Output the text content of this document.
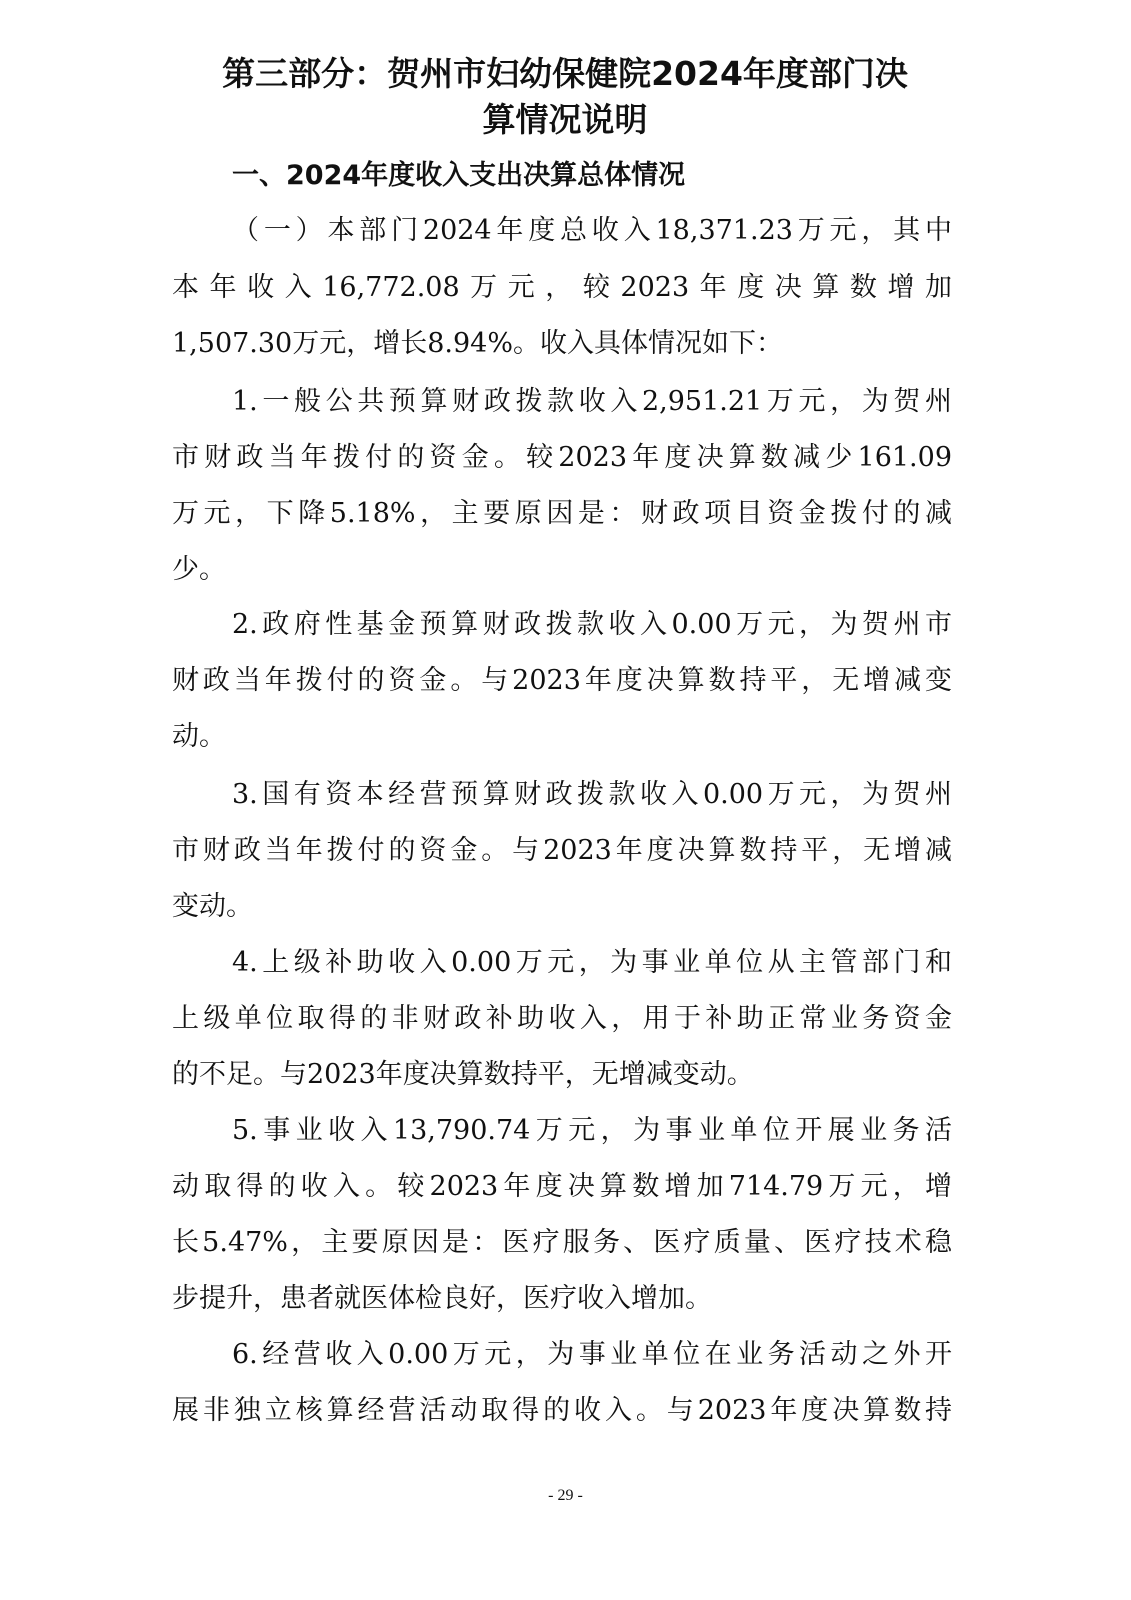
第三部分：贺州市妇幼保健院2024年度部门决
算情况说明
一、2024年度收入支出决算总体情况
（一）本部门2024年度总收入18,371.23万元，其中
本年收入16,772.08万元，较2023年度决算数增加
1,507.30万元，增长8.94%。收入具体情况如下：
1.一般公共预算财政拨款收入2,951.21万元，为贺州
市财政当年拨付的资金。较2023年度决算数减少161.09
万元，下降5.18%，主要原因是：财政项目资金拨付的减
少。
2.政府性基金预算财政拨款收入0.00万元，为贺州市
财政当年拨付的资金。与2023年度决算数持平，无增减变
动。
3.国有资本经营预算财政拨款收入0.00万元，为贺州
市财政当年拨付的资金。与2023年度决算数持平，无增减
变动。
4.上级补助收入0.00万元，为事业单位从主管部门和
上级单位取得的非财政补助收入，用于补助正常业务资金
的不足。与2023年度决算数持平，无增减变动。
5.事业收入13,790.74万元，为事业单位开展业务活
动取得的收入。较2023年度决算数增加714.79万元，增
长5.47%，主要原因是：医疗服务、医疗质量、医疗技术稳
步提升，患者就医体检良好，医疗收入增加。
6.经营收入0.00万元，为事业单位在业务活动之外开
展非独立核算经营活动取得的收入。与2023年度决算数持
- 29 -
